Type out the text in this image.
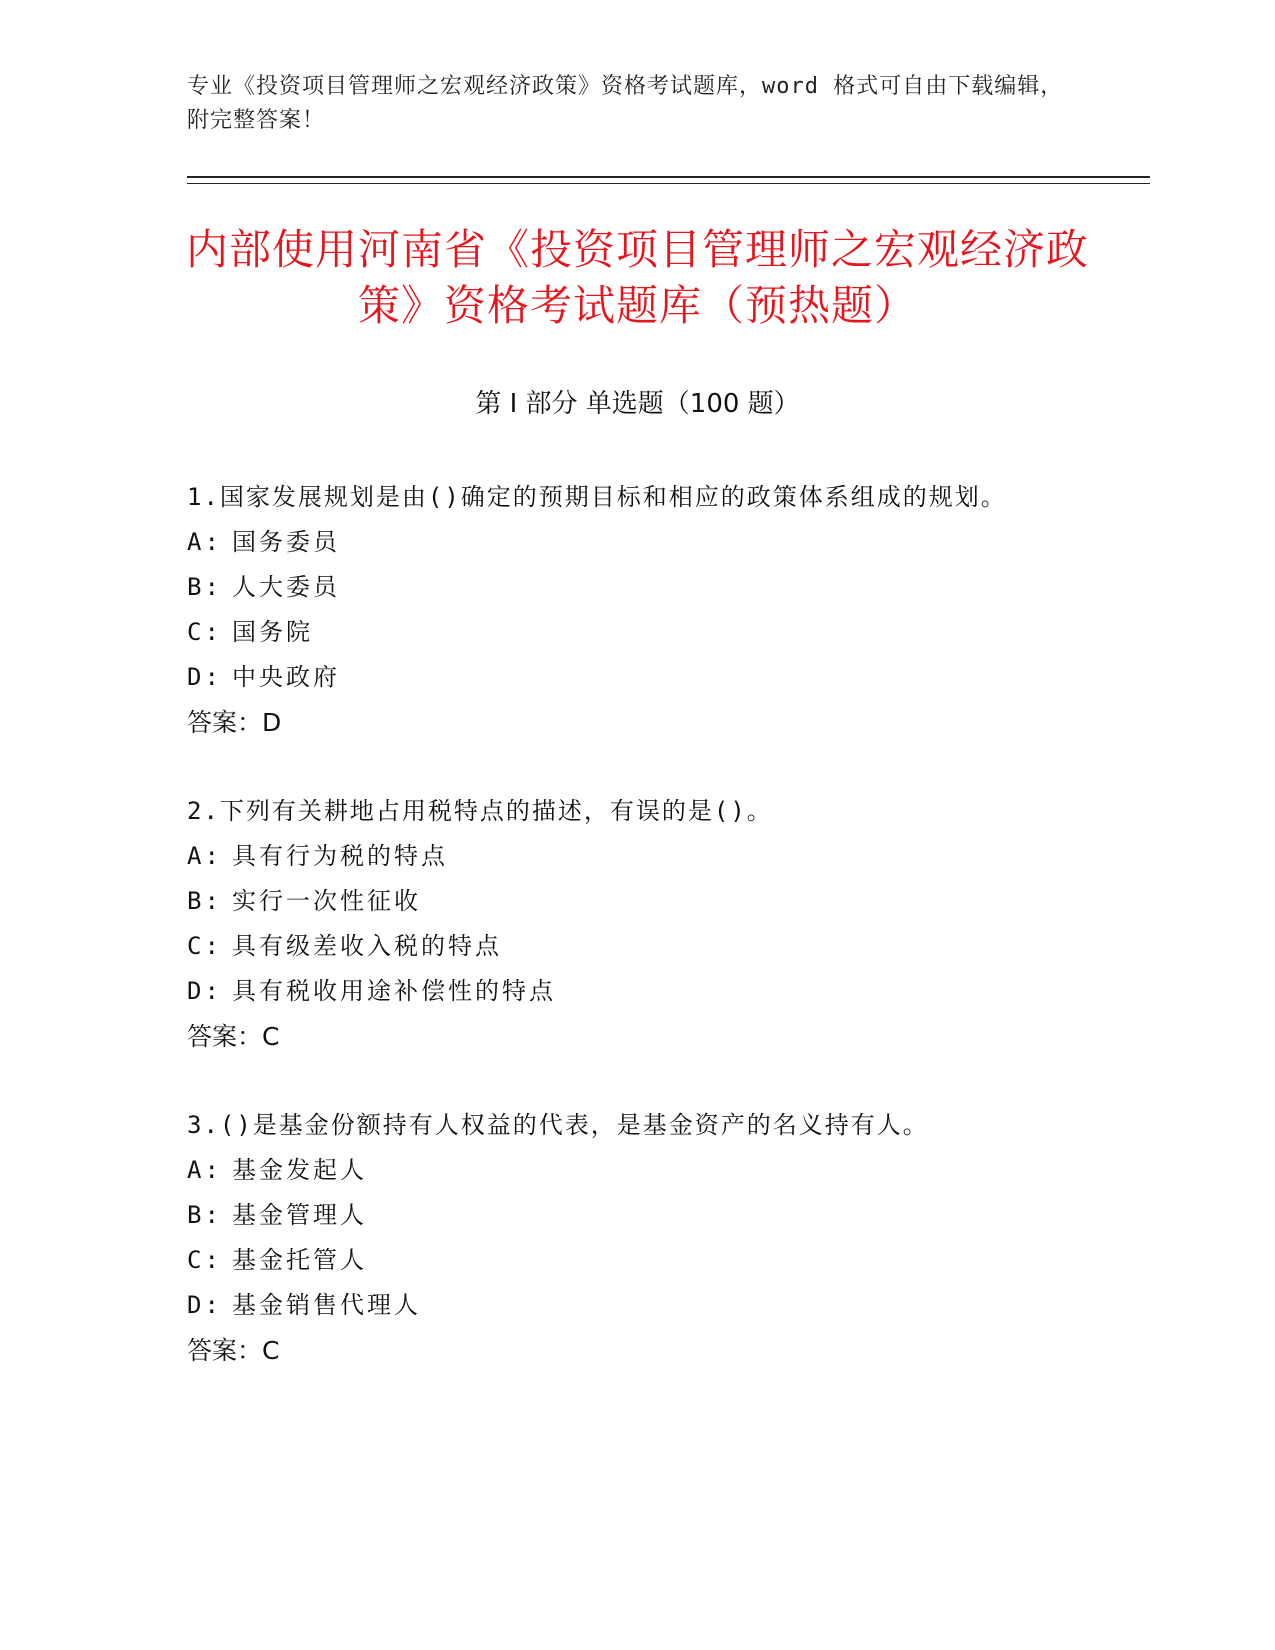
专业《投资项目管理师之宏观经济政策》资格考试题库，word 格式可自由下载编辑，附完整答案！
内部使用河南省《投资项目管理师之宏观经济政策》资格考试题库（预热题）
第 I 部分 单选题（100 题）
1.国家发展规划是由()确定的预期目标和相应的政策体系组成的规划。
A: 国务委员
B: 人大委员
C: 国务院
D: 中央政府
答案：D
2.下列有关耕地占用税特点的描述，有误的是()。
A: 具有行为税的特点
B: 实行一次性征收
C: 具有级差收入税的特点
D: 具有税收用途补偿性的特点
答案：C
3.()是基金份额持有人权益的代表，是基金资产的名义持有人。
A: 基金发起人
B: 基金管理人
C: 基金托管人
D: 基金销售代理人
答案：C
